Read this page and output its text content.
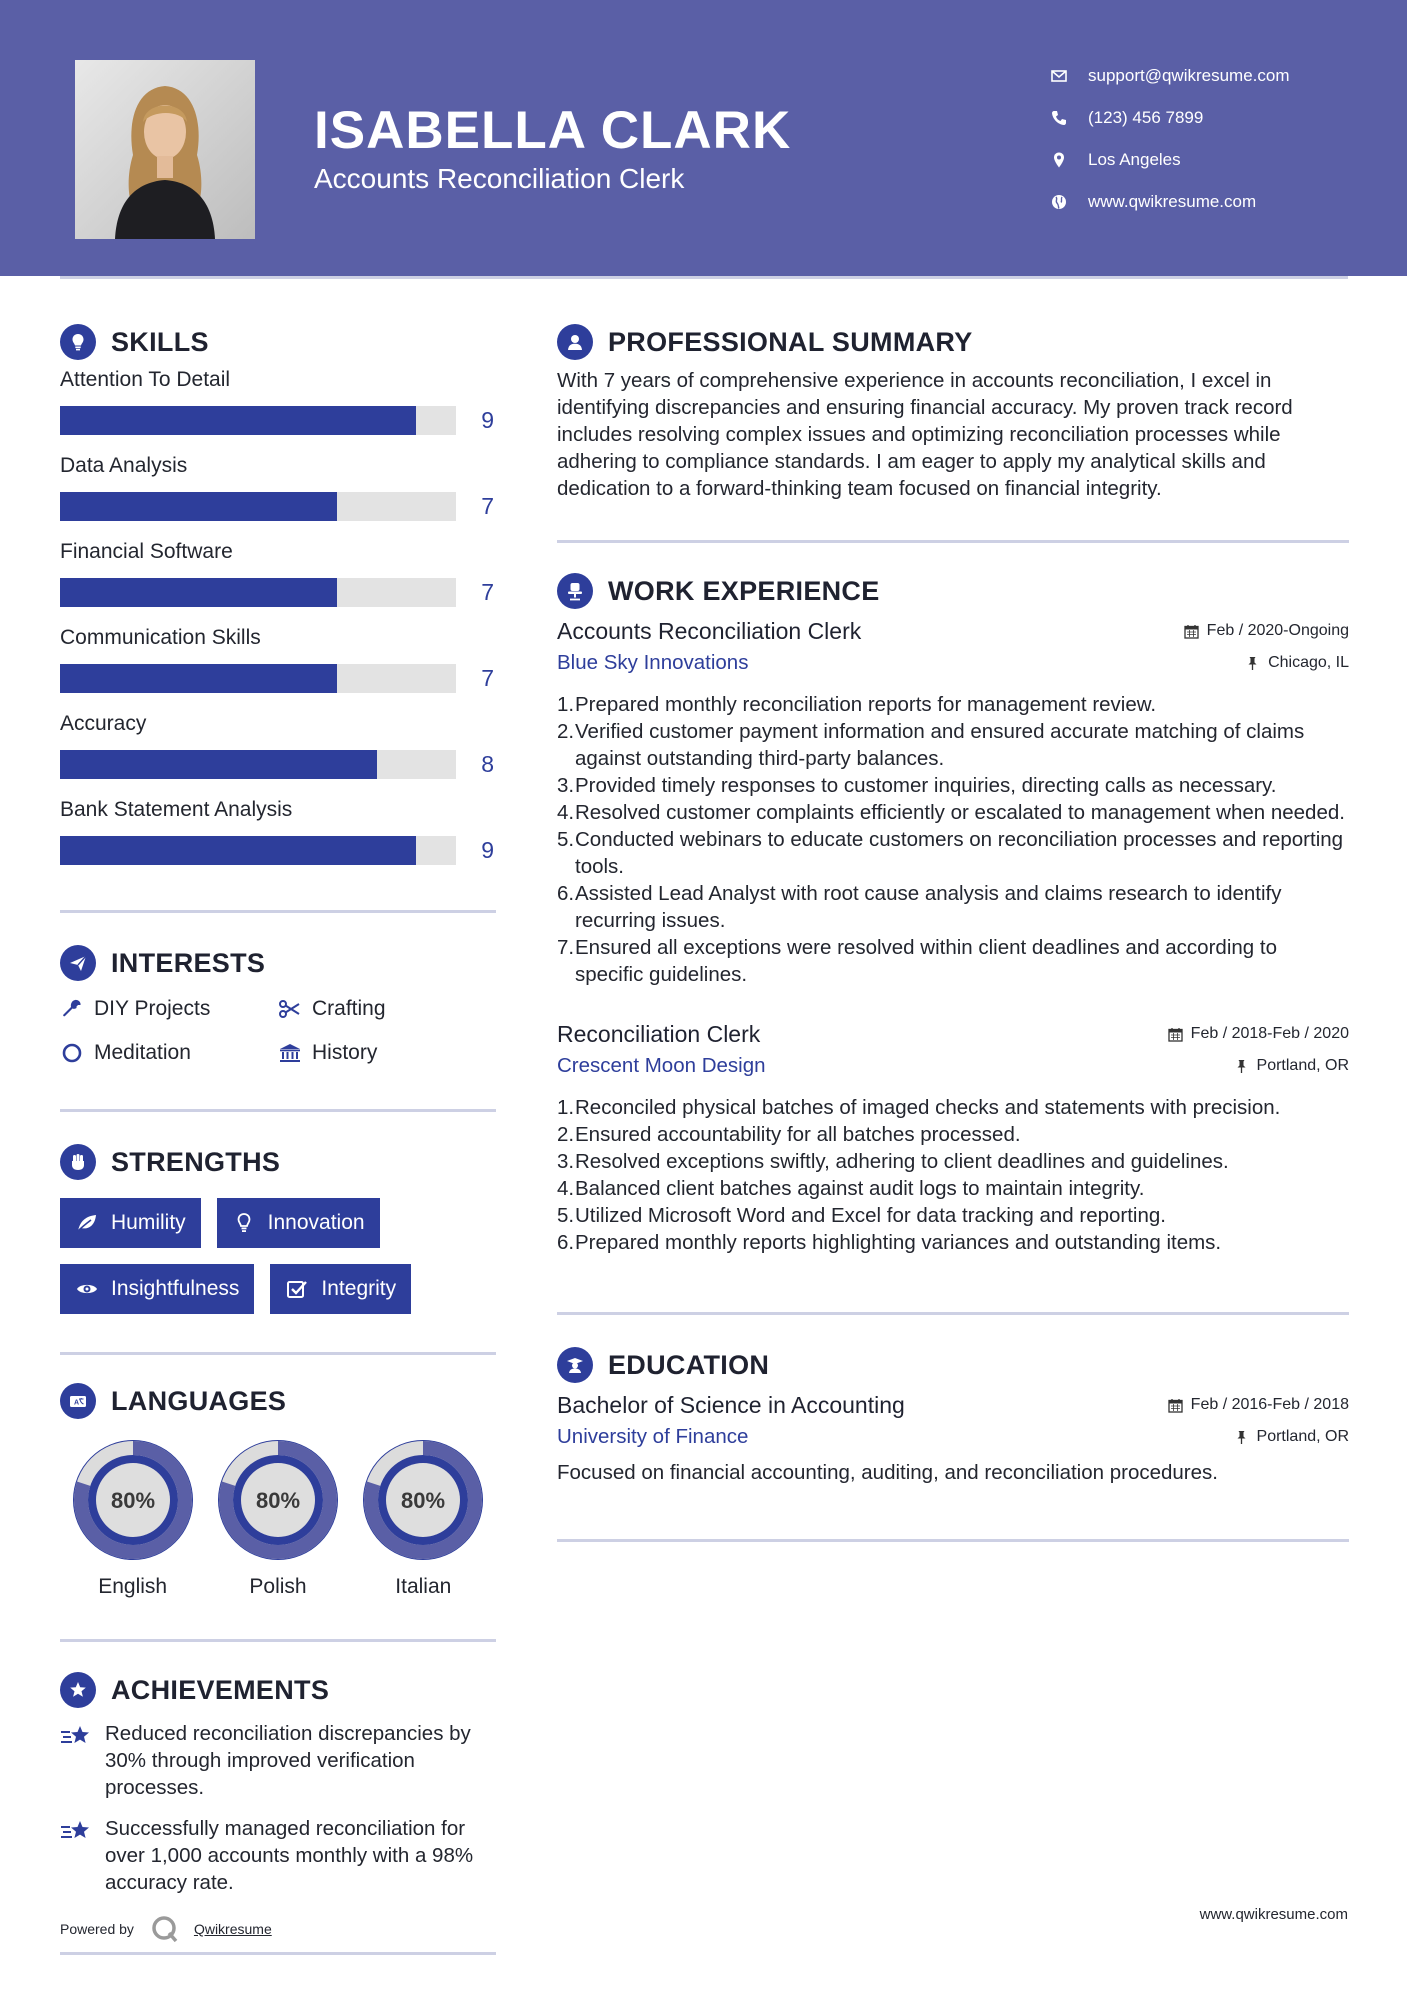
ISABELLA CLARK
Accounts Reconciliation Clerk
support@qwikresume.com
(123) 456 7899
Los Angeles
www.qwikresume.com
SKILLS
Attention To Detail
9
Data Analysis
7
Financial Software
7
Communication Skills
7
Accuracy
8
Bank Statement Analysis
9
INTERESTS
DIY Projects	Crafting
Meditation	History
STRENGTHS
Humility	Innovation
Insightfulness	Integrity
A LANGUAGES
80%
English
80%
Polish
80%
Italian
ACHIEVEMENTS
Reduced reconciliation discrepancies by 30% through improved verification processes.
Successfully managed reconciliation for over 1,000 accounts monthly with a 98% accuracy rate.
Powered by	Qwikresume
PROFESSIONAL SUMMARY
With 7 years of comprehensive experience in accounts reconciliation, I excel in identifying discrepancies and ensuring financial accuracy. My proven track record includes resolving complex issues and optimizing reconciliation processes while adhering to compliance standards. I am eager to apply my analytical skills and dedication to a forward-thinking team focused on financial integrity.
WORK EXPERIENCE
Accounts Reconciliation Clerk	Feb / 2020-Ongoing
Blue Sky Innovations	Chicago, IL
1. Prepared monthly reconciliation reports for management review.
2. Verified customer payment information and ensured accurate matching of claims against outstanding third-party balances.
3. Provided timely responses to customer inquiries, directing calls as necessary.
4. Resolved customer complaints efficiently or escalated to management when needed.
5. Conducted webinars to educate customers on reconciliation processes and reporting tools.
6. Assisted Lead Analyst with root cause analysis and claims research to identify recurring issues.
7. Ensured all exceptions were resolved within client deadlines and according to specific guidelines.
Reconciliation Clerk	Feb / 2018-Feb / 2020
Crescent Moon Design	Portland, OR
1. Reconciled physical batches of imaged checks and statements with precision.
2. Ensured accountability for all batches processed.
3. Resolved exceptions swiftly, adhering to client deadlines and guidelines.
4. Balanced client batches against audit logs to maintain integrity.
5. Utilized Microsoft Word and Excel for data tracking and reporting.
6. Prepared monthly reports highlighting variances and outstanding items.
EDUCATION
Bachelor of Science in Accounting	Feb / 2016-Feb / 2018
University of Finance	Portland, OR
Focused on financial accounting, auditing, and reconciliation procedures.
www.qwikresume.com
